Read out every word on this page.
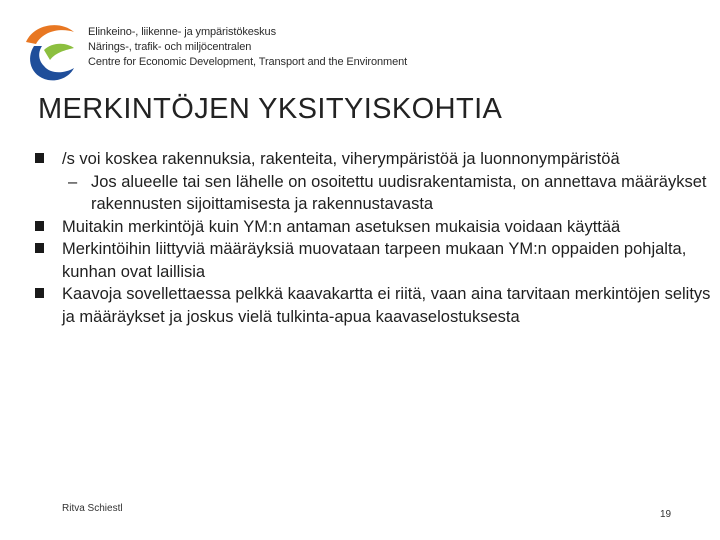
Elinkeino-, liikenne- ja ympäristökeskus
Närings-, trafik- och miljöcentralen
Centre for Economic Development, Transport and the Environment
MERKINTÖJEN YKSITYISKOHTIA
/s voi koskea rakennuksia, rakenteita, viherympäristöä ja luonnonympäristöä
– Jos alueelle tai sen lähelle on osoitettu uudisrakentamista, on annettava määräykset rakennusten sijoittamisesta ja rakennustavasta
Muitakin merkintöjä kuin YM:n antaman asetuksen mukaisia voidaan käyttää
Merkintöihin liittyviä määräyksiä muovataan tarpeen mukaan YM:n oppaiden pohjalta, kunhan ovat laillisia
Kaavoja sovellettaessa pelkkä kaavakartta ei riitä, vaan aina tarvitaan merkintöjen selitys ja määräykset ja joskus vielä tulkinta-apua kaavaselostuksesta
Ritva Schiestl
19
